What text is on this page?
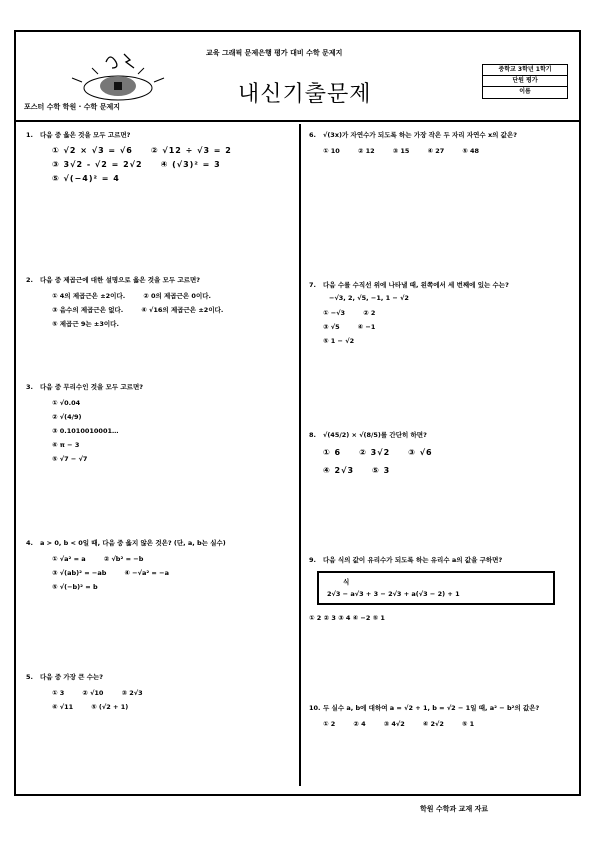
포스터 수학 학원 · 수학 문제지
교육 그래픽 문제은행 평가 대비 수학 문제지
내신기출문제
중학교 3학년 1학기
단원 평가
이름
1. 다음 중 옳은 것을 모두 고르면?
① √2 × √3 = √6 ② √12 ÷ √3 = 2
③ 3√2 - √2 = 2√2 ④ (√3)² = 3
⑤ √(−4)² = 4
2. 다음 중 제곱근에 대한 설명으로 옳은 것을 모두 고르면?
① 4의 제곱근은 ±2이다.	② 0의 제곱근은 0이다.
③ 음수의 제곱근은 없다.	④ √16의 제곱근은 ±2이다.
⑤ 제곱근 9는 ±3이다.
3. 다음 중 무리수인 것을 모두 고르면?
① √0.04
② √(4/9)
③ 0.1010010001…
④ π − 3
⑤ √7 − √7
4. a > 0, b < 0일 때, 다음 중 옳지 않은 것은? (단, a, b는 실수)
① √a² = a	② √b² = −b
③ √(ab)² = −ab	④ −√a² = −a
⑤ √(−b)² = b
5. 다음 중 가장 큰 수는?
① 3	② √10	③ 2√3
④ √11	⑤ (√2 + 1)
6. √(3x)가 자연수가 되도록 하는 가장 작은 두 자리 자연수 x의 값은?
① 10	② 12	③ 15	④ 27	⑤ 48
7. 다음 수를 수직선 위에 나타낼 때, 왼쪽에서 세 번째에 있는 수는?
−√3, 2, √5, −1, 1 − √2
① −√3	② 2
③ √5	④ −1
⑤ 1 − √2
8. √(45/2) × √(8/5)를 간단히 하면?
① 6 ② 3√2 ③ √6
④ 2√3 ⑤ 3
9. 다음 식의 값이 유리수가 되도록 하는 유리수 a의 값을 구하면?
식
2√3 − a√3 + 3 − 2√3 + a(√3 − 2) + 1
① 2 ② 3 ③ 4 ④ −2 ⑤ 1
10. 두 실수 a, b에 대하여 a = √2 + 1, b = √2 − 1일 때, a² − b²의 값은?
① 2	② 4	③ 4√2	④ 2√2	⑤ 1
학원 수학과 교재 자료
